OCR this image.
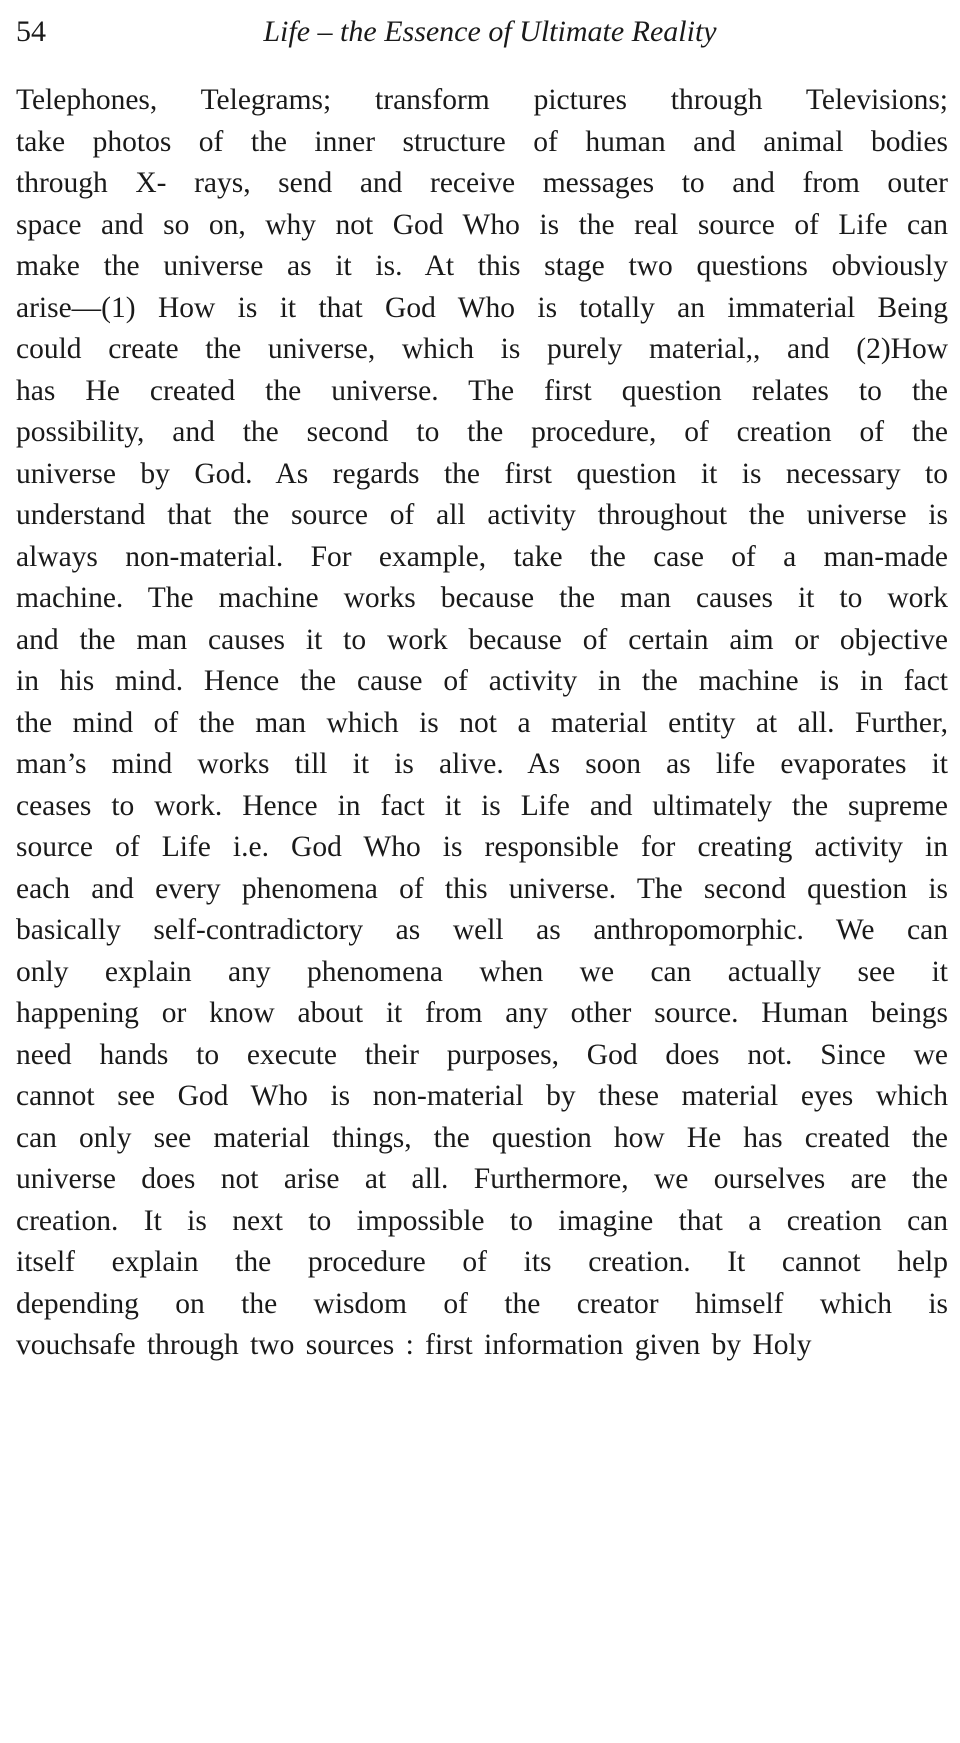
54	Life – the Essence of Ultimate Reality
Telephones, Telegrams; transform pictures through Televisions;
take photos of the inner structure of human and animal bodies
through X- rays, send and receive messages to and from outer
space and so on, why not God Who is the real source of Life can
make the universe as it is. At this stage two questions obviously
arise—(1) How is it that God Who is totally an immaterial Being
could create the universe, which is purely material,, and (2)How
has He created the universe. The first question relates to the
possibility, and the second to the procedure, of creation of the
universe by God. As regards the first question it is necessary to
understand that the source of all activity throughout the universe is
always non-material. For example, take the case of a man-made
machine. The machine works because the man causes it to work
and the man causes it to work because of certain aim or objective
in his mind. Hence the cause of activity in the machine is in fact
the mind of the man which is not a material entity at all. Further,
man’s mind works till it is alive. As soon as life evaporates it
ceases to work. Hence in fact it is Life and ultimately the supreme
source of Life i.e. God Who is responsible for creating activity in
each and every phenomena of this universe. The second question is
basically self-contradictory as well as anthropomorphic. We can
only explain any phenomena when we can actually see it
happening or know about it from any other source. Human beings
need hands to execute their purposes, God does not. Since we
cannot see God Who is non-material by these material eyes which
can only see material things, the question how He has created the
universe does not arise at all. Furthermore, we ourselves are the
creation. It is next to impossible to imagine that a creation can
itself explain the procedure of its creation. It cannot help
depending on the wisdom of the creator himself which is
vouchsafe through two sources : first information given by Holy
